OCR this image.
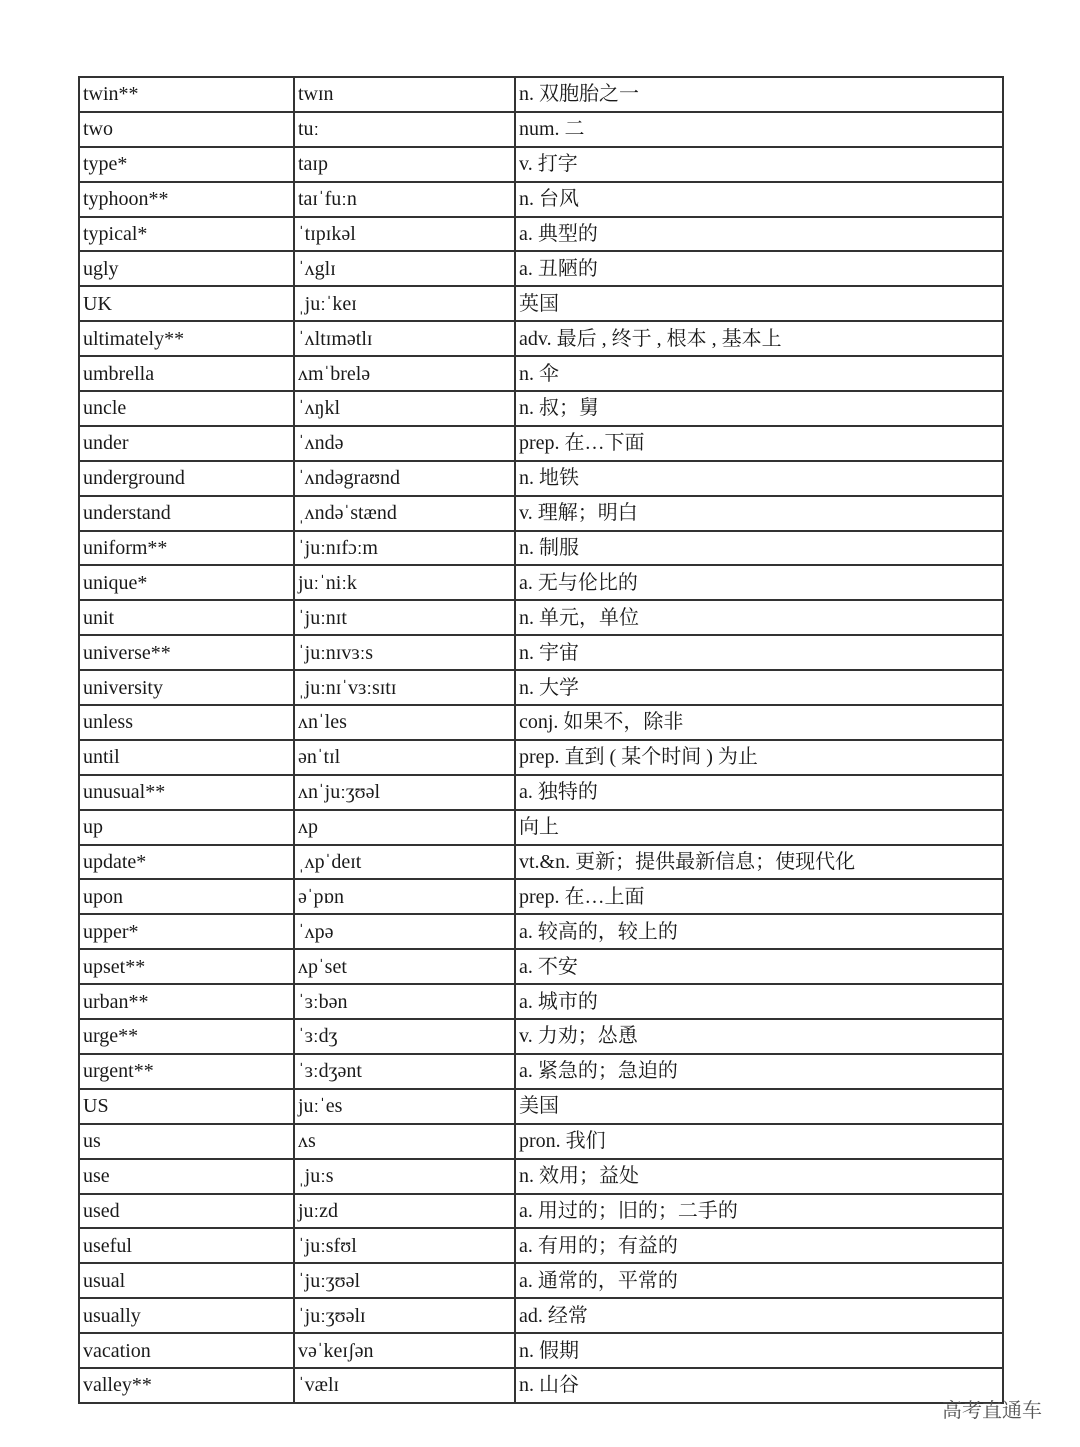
twin**	twɪn	n. 双胞胎之一
two	tuː	num. 二
type*	taɪp	v. 打字
typhoon**	taɪˈfuːn	n. 台风
typical*	ˈtɪpɪkəl	a. 典型的
ugly	ˈʌglɪ	a. 丑陋的
UK	ˌjuːˈkeɪ	英国
ultimately**	ˈʌltɪmətlɪ	adv. 最后 , 终于 , 根本 , 基本上
umbrella	ʌmˈbrelə	n. 伞
uncle	ˈʌŋkl	n. 叔；舅
under	ˈʌndə	prep. 在…下面
underground	ˈʌndəgraʊnd	n. 地铁
understand	ˌʌndəˈstænd	v. 理解；明白
uniform**	ˈjuːnɪfɔːm	n. 制服
unique*	juːˈniːk	a. 无与伦比的
unit	ˈjuːnɪt	n. 单元，单位
universe**	ˈjuːnɪvɜːs	n. 宇宙
university	ˌjuːnɪˈvɜːsɪtɪ	n. 大学
unless	ʌnˈles	conj. 如果不，除非
until	ənˈtɪl	prep. 直到 ( 某个时间 ) 为止
unusual**	ʌnˈjuːʒʊəl	a. 独特的
up	ʌp	向上
update*	ˌʌpˈdeɪt	vt.&n. 更新；提供最新信息；使现代化
upon	əˈpɒn	prep. 在…上面
upper*	ˈʌpə	a. 较高的，较上的
upset**	ʌpˈset	a. 不安
urban**	ˈɜːbən	a. 城市的
urge**	ˈɜːdʒ	v. 力劝；怂恿
urgent**	ˈɜːdʒənt	a. 紧急的；急迫的
US	juːˈes	美国
us	ʌs	pron. 我们
use	ˌjuːs	n. 效用；益处
used	juːzd	a. 用过的；旧的；二手的
useful	ˈjuːsfʊl	a. 有用的；有益的
usual	ˈjuːʒʊəl	a. 通常的，平常的
usually	ˈjuːʒʊəlɪ	ad. 经常
vacation	vəˈkeɪʃən	n. 假期
valley**	ˈvælɪ	n. 山谷
高考直通车
